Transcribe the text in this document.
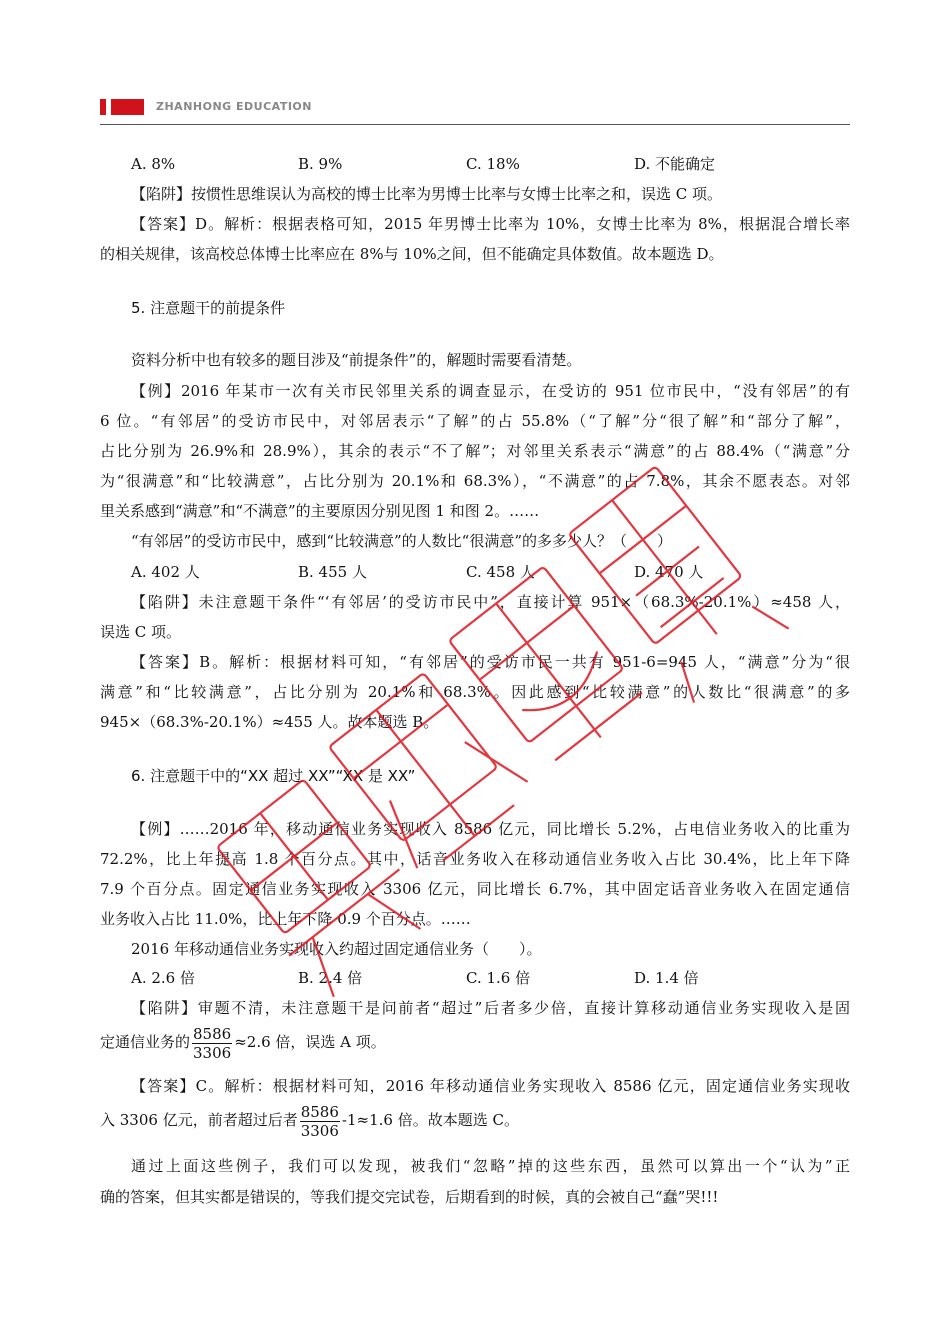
ZHANHONG EDUCATION
A. 8%	B. 9%	C. 18%	D. 不能确定
【陷阱】按惯性思维误认为高校的博士比率为男博士比率与女博士比率之和，误选 C 项。
【答案】D。解析：根据表格可知，2015 年男博士比率为 10%，女博士比率为 8%，根据混合增长率
的相关规律，该高校总体博士比率应在 8%与 10%之间，但不能确定具体数值。故本题选 D。
5. 注意题干的前提条件
资料分析中也有较多的题目涉及“前提条件”的，解题时需要看清楚。
【例】2016 年某市一次有关市民邻里关系的调查显示，在受访的 951 位市民中，“没有邻居”的有
6 位。“有邻居”的受访市民中，对邻居表示“了解”的占 55.8%（“了解”分“很了解”和“部分了解”，
占比分别为 26.9%和 28.9%），其余的表示“不了解”；对邻里关系表示“满意”的占 88.4%（“满意”分
为“很满意”和“比较满意”，占比分别为 20.1%和 68.3%），“不满意”的占 7.8%，其余不愿表态。对邻
里关系感到“满意”和“不满意”的主要原因分别见图 1 和图 2。……
“有邻居”的受访市民中，感到“比较满意”的人数比“很满意”的多多少人？（　　）
A. 402 人	B. 455 人	C. 458 人	D. 470 人
【陷阱】未注意题干条件“‘有邻居’的受访市民中”，直接计算 951×（68.3%-20.1%）≈458 人，
误选 C 项。
【答案】B。解析：根据材料可知，“有邻居”的受访市民一共有 951-6=945 人，“满意”分为“很
满意”和“比较满意”，占比分别为 20.1%和 68.3%。因此感到“比较满意”的人数比“很满意”的多
945×（68.3%-20.1%）≈455 人。故本题选 B。
6. 注意题干中的“XX 超过 XX”“XX 是 XX”
【例】……2016 年，移动通信业务实现收入 8586 亿元，同比增长 5.2%，占电信业务收入的比重为
72.2%，比上年提高 1.8 个百分点。其中，话音业务收入在移动通信业务收入占比 30.4%，比上年下降
7.9 个百分点。固定通信业务实现收入 3306 亿元，同比增长 6.7%，其中固定话音业务收入在固定通信
业务收入占比 11.0%，比上年下降 0.9 个百分点。……
2016 年移动通信业务实现收入约超过固定通信业务（　　）。
A. 2.6 倍	B. 2.4 倍	C. 1.6 倍	D. 1.4 倍
【陷阱】审题不清，未注意题干是问前者“超过”后者多少倍，直接计算移动通信业务实现收入是固
定通信业务的 $\frac{8586}{3306} \approx 2.6$ 倍，误选 A 项。
【答案】C。解析：根据材料可知，2016 年移动通信业务实现收入 8586 亿元，固定通信业务实现收
入 3306 亿元，前者超过后者 $\frac{8586}{3306} -1\approx 1.6$ 倍。故本题选 C。
通过上面这些例子，我们可以发现，被我们“忽略”掉的这些东西，虽然可以算出一个“认为”正
确的答案，但其实都是错误的，等我们提交完试卷，后期看到的时候，真的会被自己“蠢”哭!!!
